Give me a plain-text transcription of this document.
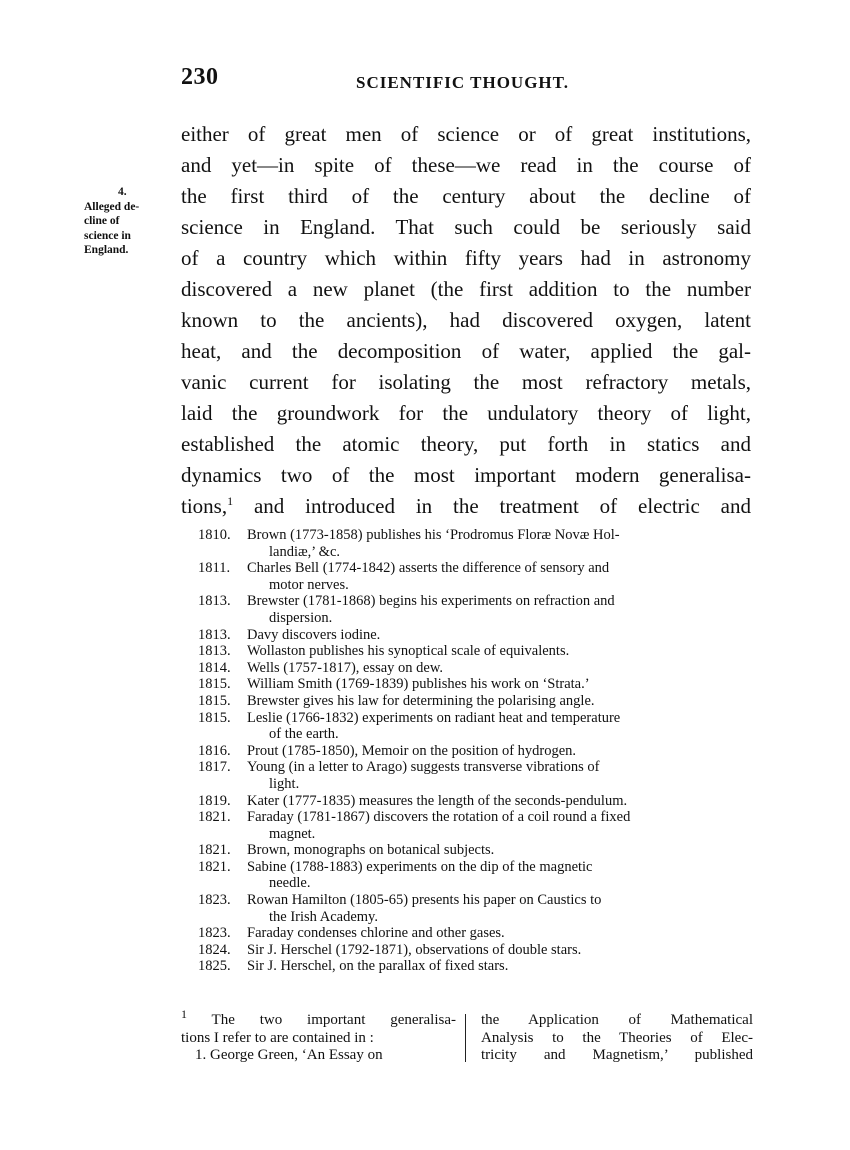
230	SCIENTIFIC THOUGHT.
4.
Alleged de-
cline of
science in
England.
either of great men of science or of great institutions,
and yet—in spite of these—we read in the course of
the first third of the century about the decline of
science in England. That such could be seriously said
of a country which within fifty years had in astronomy
discovered a new planet (the first addition to the number
known to the ancients), had discovered oxygen, latent
heat, and the decomposition of water, applied the gal-
vanic current for isolating the most refractory metals,
laid the groundwork for the undulatory theory of light,
established the atomic theory, put forth in statics and
dynamics two of the most important modern generalisa-
tions,$^1$ and introduced in the treatment of electric and
1810. Brown (1773-1858) publishes his ‘Prodromus Floræ Novæ Hol-
landiæ,’ &c.
1811. Charles Bell (1774-1842) asserts the difference of sensory and
motor nerves.
1813. Brewster (1781-1868) begins his experiments on refraction and
dispersion.
1813. Davy discovers iodine.
1813. Wollaston publishes his synoptical scale of equivalents.
1814. Wells (1757-1817), essay on dew.
1815. William Smith (1769-1839) publishes his work on ‘Strata.’
1815. Brewster gives his law for determining the polarising angle.
1815. Leslie (1766-1832) experiments on radiant heat and temperature
of the earth.
1816. Prout (1785-1850), Memoir on the position of hydrogen.
1817. Young (in a letter to Arago) suggests transverse vibrations of
light.
1819. Kater (1777-1835) measures the length of the seconds-pendulum.
1821. Faraday (1781-1867) discovers the rotation of a coil round a fixed
magnet.
1821. Brown, monographs on botanical subjects.
1821. Sabine (1788-1883) experiments on the dip of the magnetic
needle.
1823. Rowan Hamilton (1805-65) presents his paper on Caustics to
the Irish Academy.
1823. Faraday condenses chlorine and other gases.
1824. Sir J. Herschel (1792-1871), observations of double stars.
1825. Sir J. Herschel, on the parallax of fixed stars.
$^1$ The two important generalisa-
tions I refer to are contained in :
1. George Green, ‘An Essay on
the Application of Mathematical
Analysis to the Theories of Elec-
tricity and Magnetism,’ published
